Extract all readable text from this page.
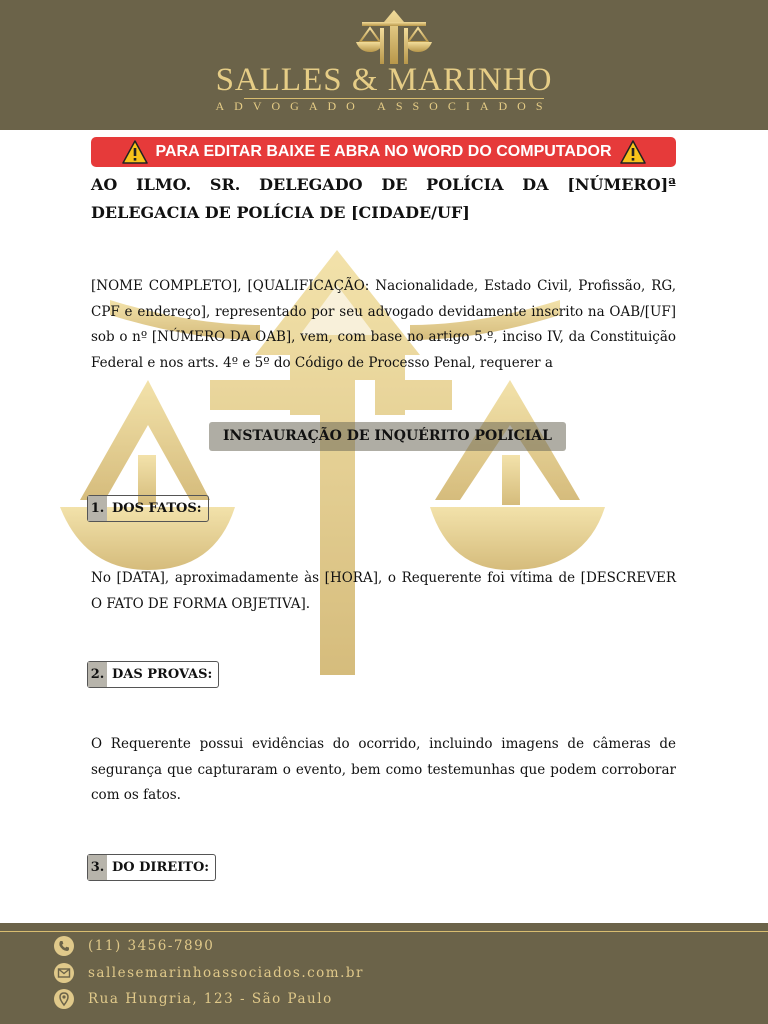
SALLES & MARINHO
ADVOGADO ASSOCIADOS
PARA EDITAR BAIXE E ABRA NO WORD DO COMPUTADOR
AO ILMO. SR. DELEGADO DE POLÍCIA DA [NÚMERO]ª DELEGACIA DE POLÍCIA DE [CIDADE/UF]
[NOME COMPLETO], [QUALIFICAÇÃO: Nacionalidade, Estado Civil, Profissão, RG, CPF e endereço], representado por seu advogado devidamente inscrito na OAB/[UF] sob o nº [NÚMERO DA OAB], vem, com base no artigo 5.º, inciso IV, da Constituição Federal e nos arts. 4º e 5º do Código de Processo Penal, requerer a
INSTAURAÇÃO DE INQUÉRITO POLICIAL
1. DOS FATOS:
No [DATA], aproximadamente às [HORA], o Requerente foi vítima de [DESCREVER O FATO DE FORMA OBJETIVA].
2. DAS PROVAS:
O Requerente possui evidências do ocorrido, incluindo imagens de câmeras de segurança que capturaram o evento, bem como testemunhas que podem corroborar com os fatos.
3. DO DIREITO:
(11) 3456-7890
sallesemarinhoassociados.com.br
Rua Hungria, 123 - São Paulo
